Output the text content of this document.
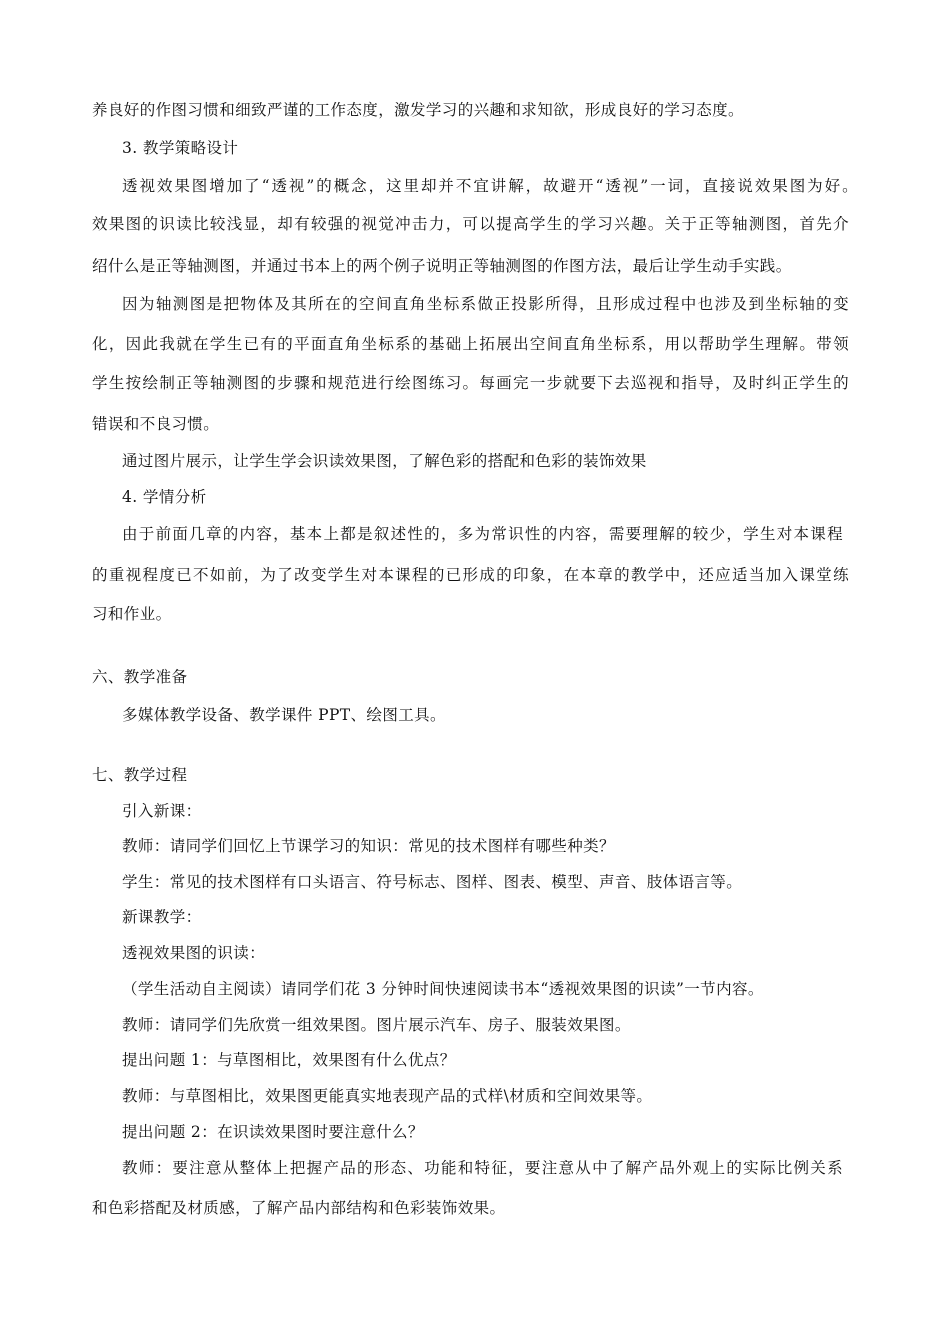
养良好的作图习惯和细致严谨的工作态度，激发学习的兴趣和求知欲，形成良好的学习态度。
3. 教学策略设计
透视效果图增加了“透视”的概念，这里却并不宜讲解，故避开“透视”一词，直接说效果图为好。
效果图的识读比较浅显，却有较强的视觉冲击力，可以提高学生的学习兴趣。关于正等轴测图，首先介
绍什么是正等轴测图，并通过书本上的两个例子说明正等轴测图的作图方法，最后让学生动手实践。
因为轴测图是把物体及其所在的空间直角坐标系做正投影所得，且形成过程中也涉及到坐标轴的变
化，因此我就在学生已有的平面直角坐标系的基础上拓展出空间直角坐标系，用以帮助学生理解。带领
学生按绘制正等轴测图的步骤和规范进行绘图练习。每画完一步就要下去巡视和指导，及时纠正学生的
错误和不良习惯。
通过图片展示，让学生学会识读效果图，了解色彩的搭配和色彩的装饰效果
4. 学情分析
由于前面几章的内容，基本上都是叙述性的，多为常识性的内容，需要理解的较少，学生对本课程
的重视程度已不如前，为了改变学生对本课程的已形成的印象，在本章的教学中，还应适当加入课堂练
习和作业。
六、教学准备
多媒体教学设备、教学课件 PPT、绘图工具。
七、教学过程
引入新课：
教师：请同学们回忆上节课学习的知识：常见的技术图样有哪些种类？
学生：常见的技术图样有口头语言、符号标志、图样、图表、模型、声音、肢体语言等。
新课教学：
透视效果图的识读：
（学生活动自主阅读）请同学们花 3 分钟时间快速阅读书本“透视效果图的识读”一节内容。
教师：请同学们先欣赏一组效果图。图片展示汽车、房子、服装效果图。
提出问题 1：与草图相比，效果图有什么优点？
教师：与草图相比，效果图更能真实地表现产品的式样\材质和空间效果等。
提出问题 2：在识读效果图时要注意什么？
教师：要注意从整体上把握产品的形态、功能和特征，要注意从中了解产品外观上的实际比例关系
和色彩搭配及材质感，了解产品内部结构和色彩装饰效果。
